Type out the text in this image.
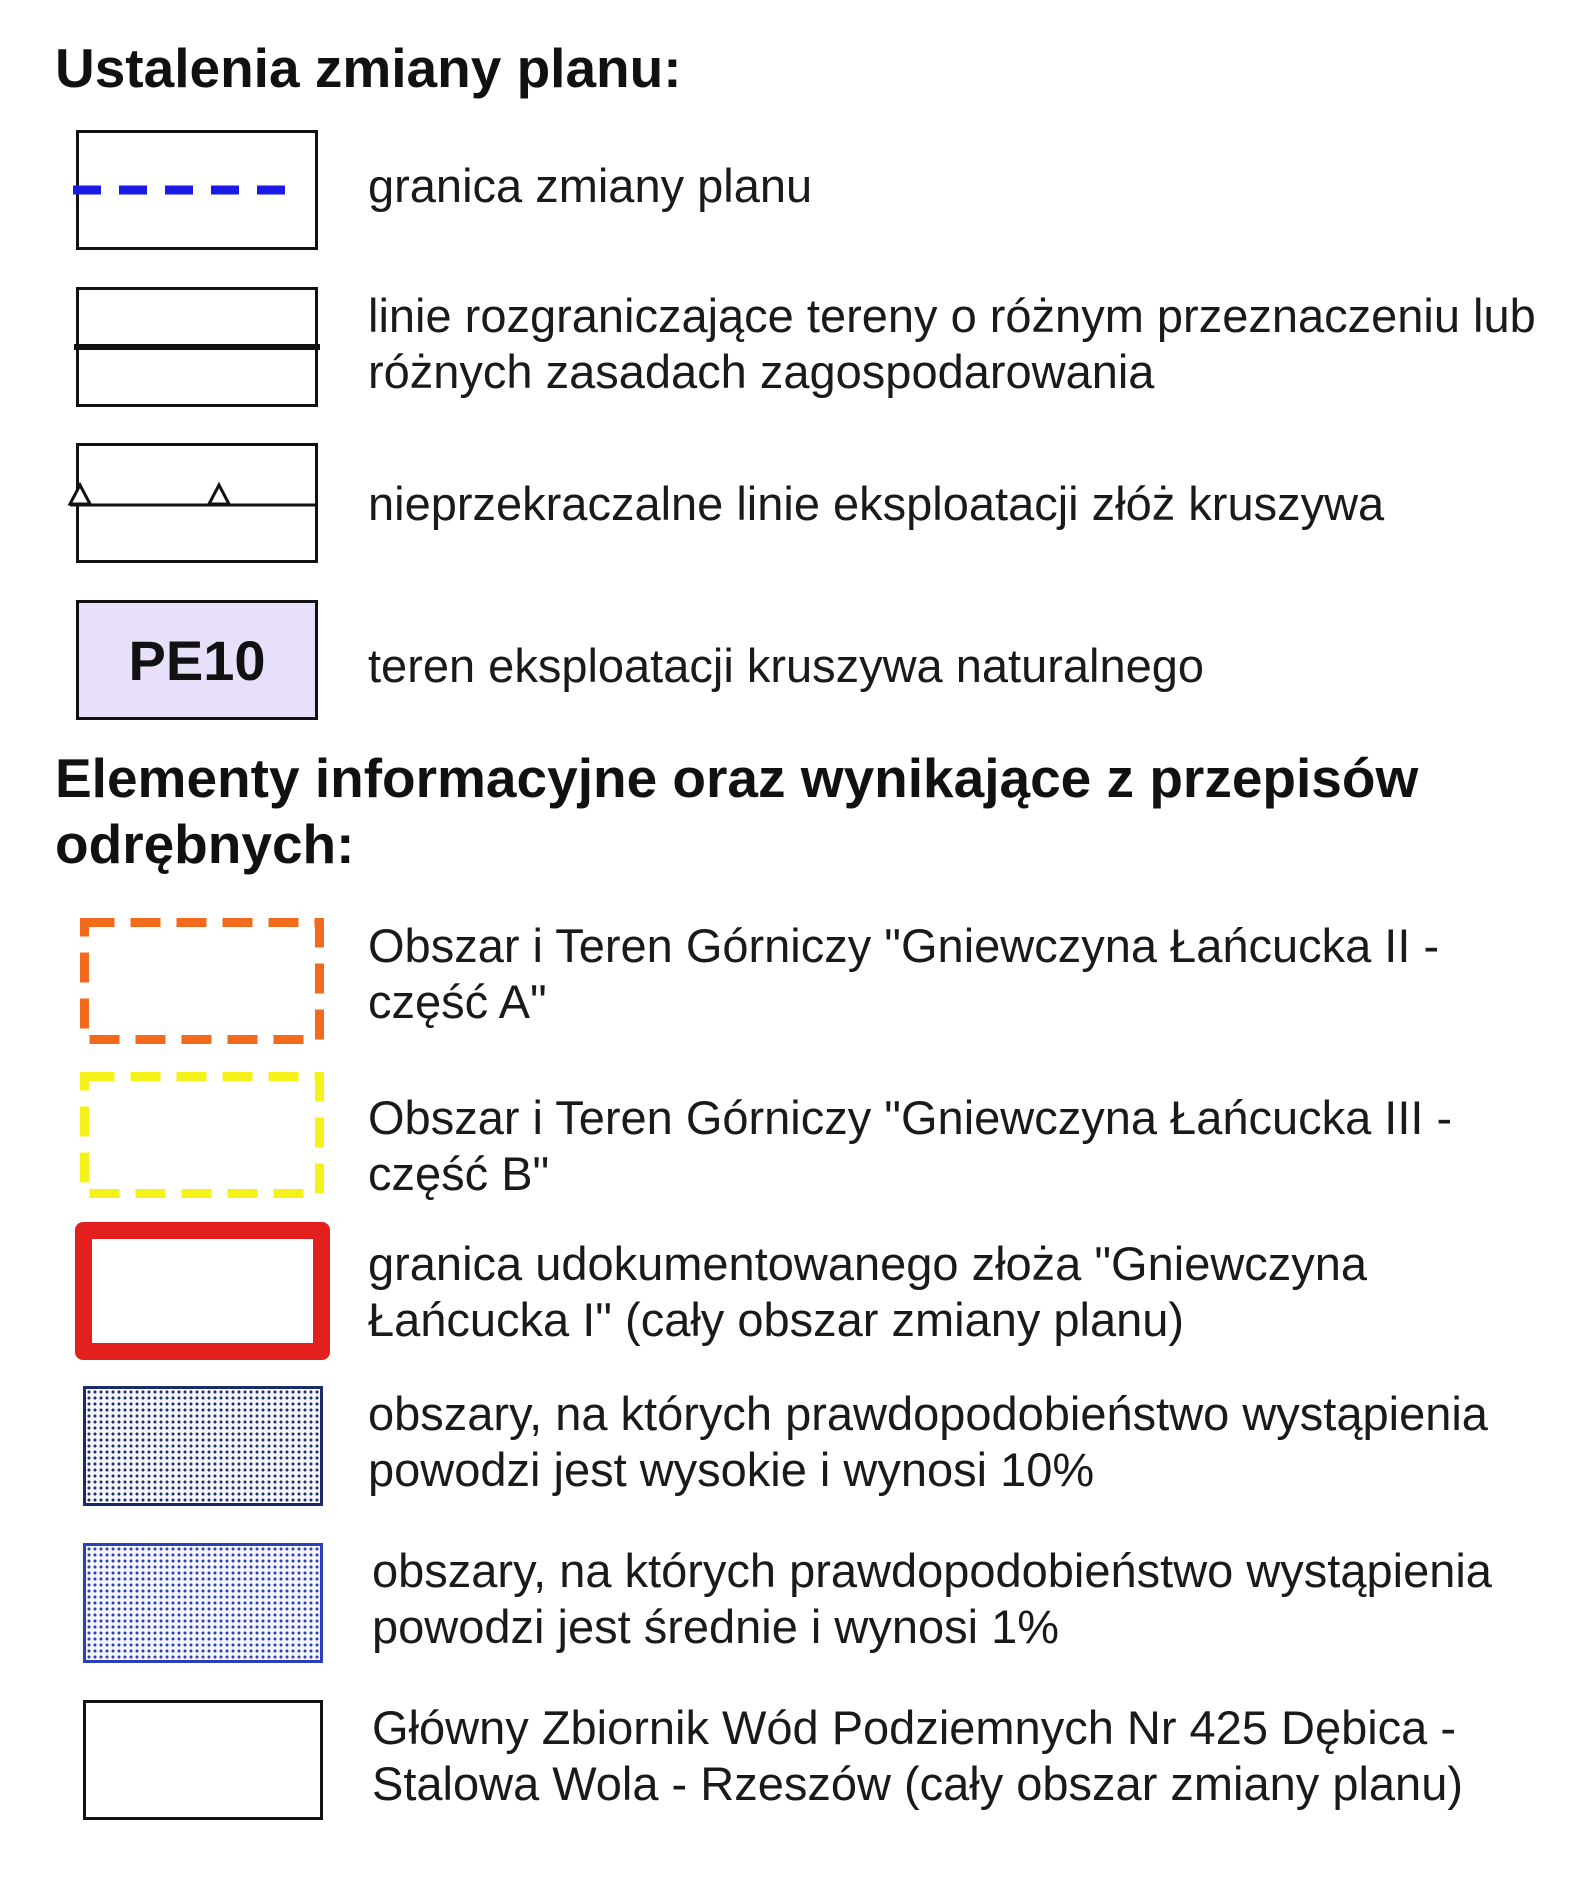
Ustalenia zmiany planu:
granica zmiany planu
linie rozgraniczające tereny o różnym przeznaczeniu lub różnych zasadach zagospodarowania
nieprzekraczalne linie eksploatacji złóż kruszywa
PE10	teren eksploatacji kruszywa naturalnego
Elementy informacyjne oraz wynikające z przepisów odrębnych:
Obszar i Teren Górniczy "Gniewczyna Łańcucka II - część A"
Obszar i Teren Górniczy "Gniewczyna Łańcucka III - część B"
granica udokumentowanego złoża "Gniewczyna Łańcucka I" (cały obszar zmiany planu)
obszary, na których prawdopodobieństwo wystąpienia powodzi jest wysokie i wynosi 10%
obszary, na których prawdopodobieństwo wystąpienia powodzi jest średnie i wynosi 1%
Główny Zbiornik Wód Podziemnych Nr 425 Dębica - Stalowa Wola - Rzeszów (cały obszar zmiany planu)
